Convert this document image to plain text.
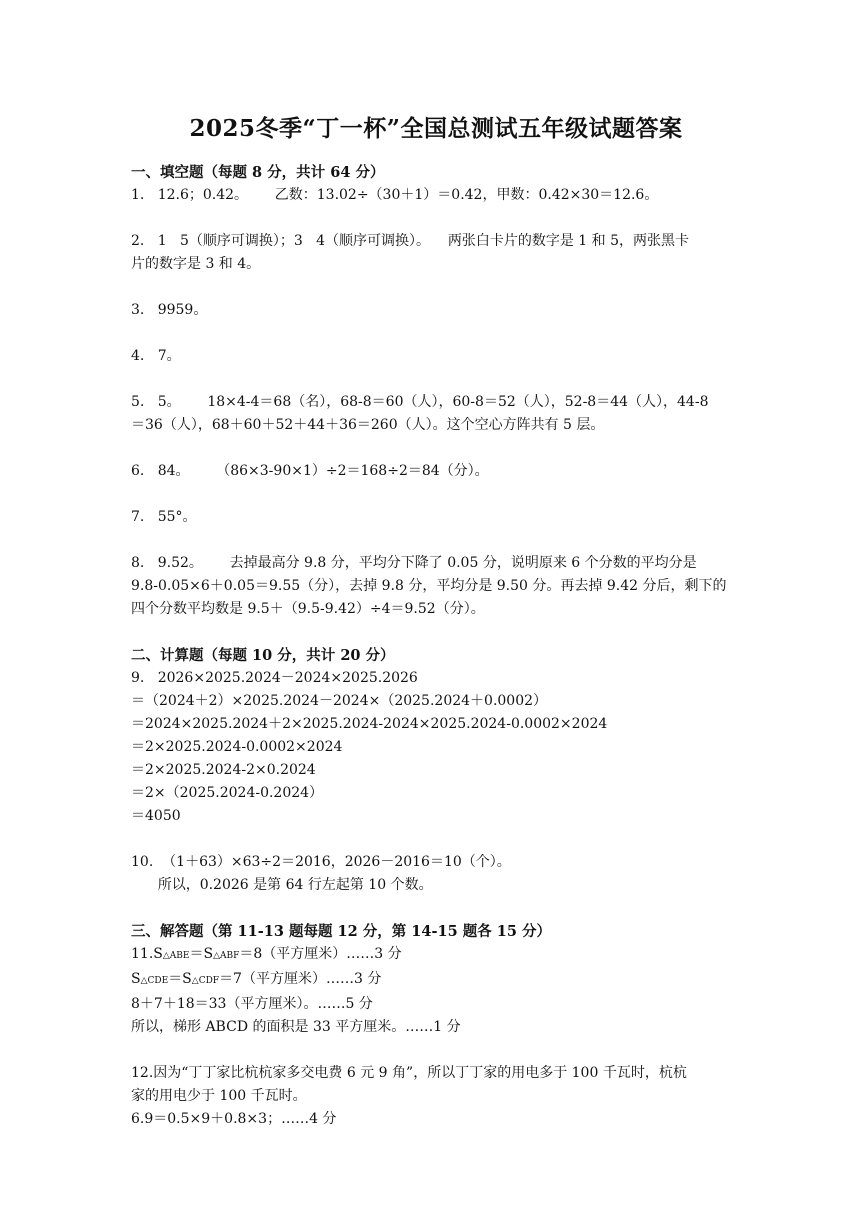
2025冬季“丁一杯”全国总测试五年级试题答案
一、填空题（每题 8 分，共计 64 分）
1.   12.6；0.42。      乙数：13.02÷（30＋1）＝0.42，甲数：0.42×30＝12.6。
2.   1   5（顺序可调换）；3   4（顺序可调换）。    两张白卡片的数字是 1 和 5，两张黑卡
片的数字是 3 和 4。
3.   9959。
4.   7。
5.   5。      18×4-4＝68（名），68-8＝60（人），60-8＝52（人），52-8＝44（人），44-8
＝36（人），68＋60＋52＋44＋36＝260（人）。这个空心方阵共有 5 层。
6.   84。      （86×3-90×1）÷2＝168÷2＝84（分）。
7.   55°。
8.   9.52。      去掉最高分 9.8 分，平均分下降了 0.05 分，说明原来 6 个分数的平均分是
9.8-0.05×6＋0.05＝9.55（分），去掉 9.8 分，平均分是 9.50 分。再去掉 9.42 分后，剩下的
四个分数平均数是 9.5＋（9.5-9.42）÷4＝9.52（分）。
二、计算题（每题 10 分，共计 20 分）
9.   2026×2025.2024－2024×2025.2026
＝（2024＋2）×2025.2024－2024×（2025.2024＋0.0002）
＝2024×2025.2024＋2×2025.2024-2024×2025.2024-0.0002×2024
＝2×2025.2024-0.0002×2024
＝2×2025.2024-2×0.2024
＝2×（2025.2024-0.2024）
＝4050
10.  （1＋63）×63÷2＝2016，2026－2016＝10（个）。
所以，0.2026 是第 64 行左起第 10 个数。
三、解答题（第 11-13 题每题 12 分，第 14-15 题各 15 分）
11.S△ABE＝S△ABF＝8（平方厘米）……3 分
S△CDE＝S△CDF＝7（平方厘米）……3 分
8＋7＋18＝33（平方厘米）。……5 分
所以，梯形 ABCD 的面积是 33 平方厘米。……1 分
12.因为“丁丁家比杭杭家多交电费 6 元 9 角”，所以丁丁家的用电多于 100 千瓦时，杭杭
家的用电少于 100 千瓦时。
6.9＝0.5×9＋0.8×3；……4 分
